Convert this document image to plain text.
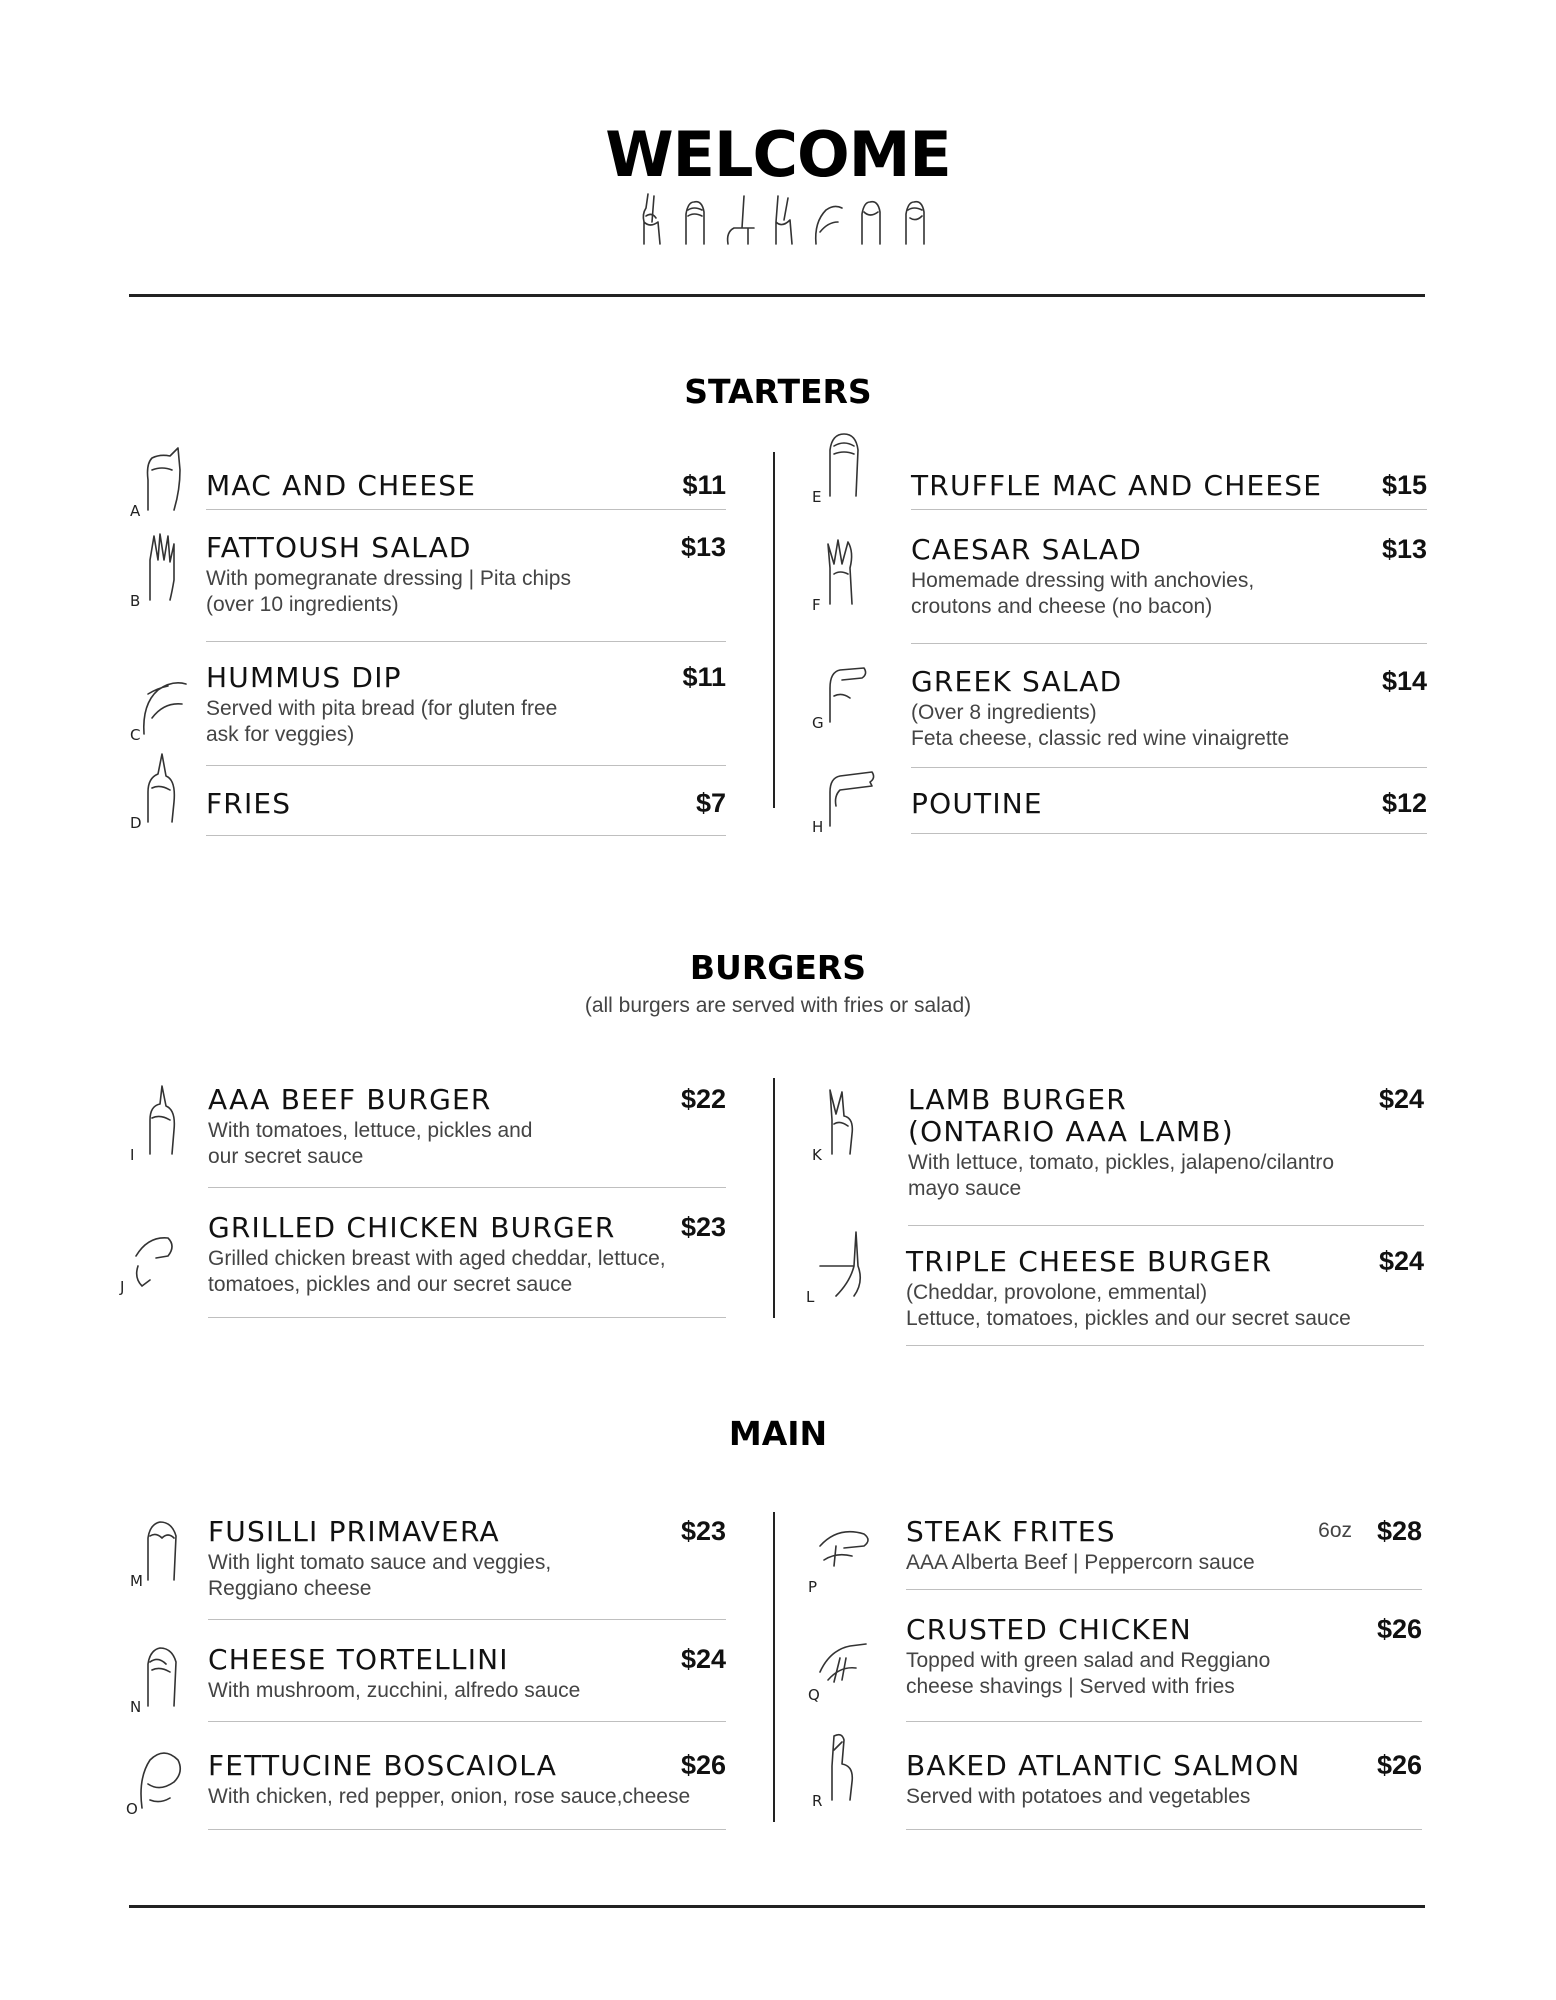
WELCOME
STARTERS
BURGERS
(all burgers are served with fries or salad)
MAIN
A
MAC AND CHEESE	$11
B
FATTOUSH SALAD
With pomegranate dressing | Pita chips
(over 10 ingredients)
$13
C
HUMMUS DIP
Served with pita bread (for gluten free
ask for veggies)
$11
D
FRIES	$7
E	TRUFFLE MAC AND CHEESE	$15
F
CAESAR SALAD
Homemade dressing with anchovies,
croutons and cheese (no bacon)
$13
G
GREEK SALAD
(Over 8 ingredients)
Feta cheese, classic red wine vinaigrette
$14
H
POUTINE	$12
I
AAA BEEF BURGER
With tomatoes, lettuce, pickles and
our secret sauce
$22
J
GRILLED CHICKEN BURGER
Grilled chicken breast with aged cheddar, lettuce,
tomatoes, pickles and our secret sauce
$23
K
LAMB BURGER
(ONTARIO AAA LAMB)
With lettuce, tomato, pickles, jalapeno/cilantro
mayo sauce
$24
L
TRIPLE CHEESE BURGER
(Cheddar, provolone, emmental)
Lettuce, tomatoes, pickles and our secret sauce
$24
M
FUSILLI PRIMAVERA
With light tomato sauce and veggies,
Reggiano cheese
$23
N
CHEESE TORTELLINI
With mushroom, zucchini, alfredo sauce
$24
O
FETTUCINE BOSCAIOLA
With chicken, red pepper, onion, rose sauce,cheese
$26
P
STEAK FRITES
AAA Alberta Beef | Peppercorn sauce
6oz $28
Q
CRUSTED CHICKEN
Topped with green salad and Reggiano
cheese shavings | Served with fries
$26
R
BAKED ATLANTIC SALMON
Served with potatoes and vegetables
$26
